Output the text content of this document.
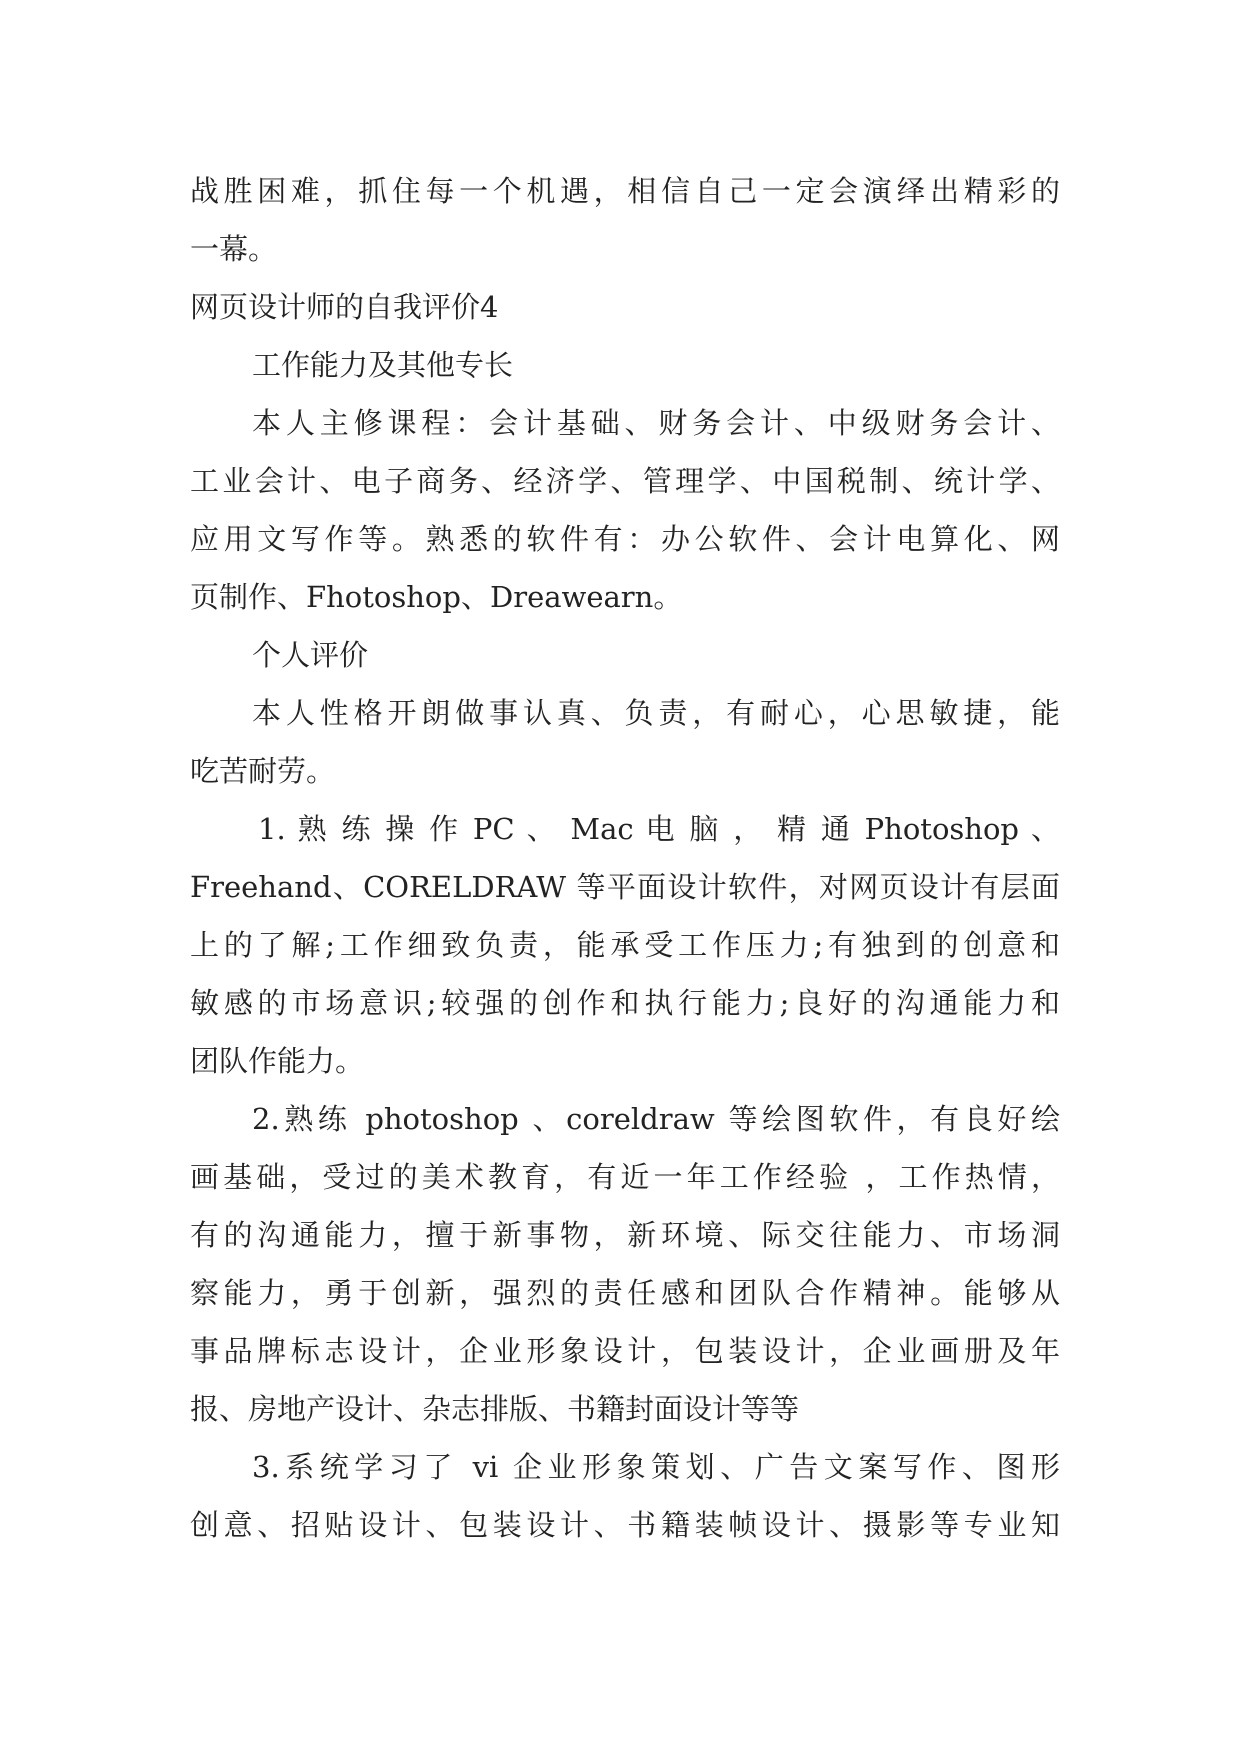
战胜困难，抓住每一个机遇，相信自己一定会演绎出精彩的
一幕。

网页设计师的自我评价4

工作能力及其他专长

本人主修课程：会计基础、财务会计、中级财务会计、
工业会计、电子商务、经济学、管理学、中国税制、统计学、
应用文写作等。熟悉的软件有：办公软件、会计电算化、网
页制作、Fhotoshop、Dreawearn。

个人评价

本人性格开朗做事认真、负责，有耐心，心思敏捷，能
吃苦耐劳。

1. 熟 练 操 作 PC 、 Mac 电 脑 ， 精 通 Photoshop 、
Freehand、CORELDRAW 等平面设计软件，对网页设计有层面
上的了解;工作细致负责，能承受工作压力;有独到的创意和
敏感的市场意识;较强的创作和执行能力;良好的沟通能力和
团队作能力。

2.熟练 photoshop 、coreldraw 等绘图软件，有良好绘
画基础，受过的美术教育，有近一年工作经验 ，工作热情，
有的沟通能力，擅于新事物，新环境、际交往能力、市场洞
察能力，勇于创新，强烈的责任感和团队合作精神。能够从
事品牌标志设计，企业形象设计，包装设计，企业画册及年
报、房地产设计、杂志排版、书籍封面设计等等

3.系统学习了 vi 企业形象策划、广告文案写作、图形
创意、招贴设计、包装设计、书籍装帧设计、摄影等专业知
